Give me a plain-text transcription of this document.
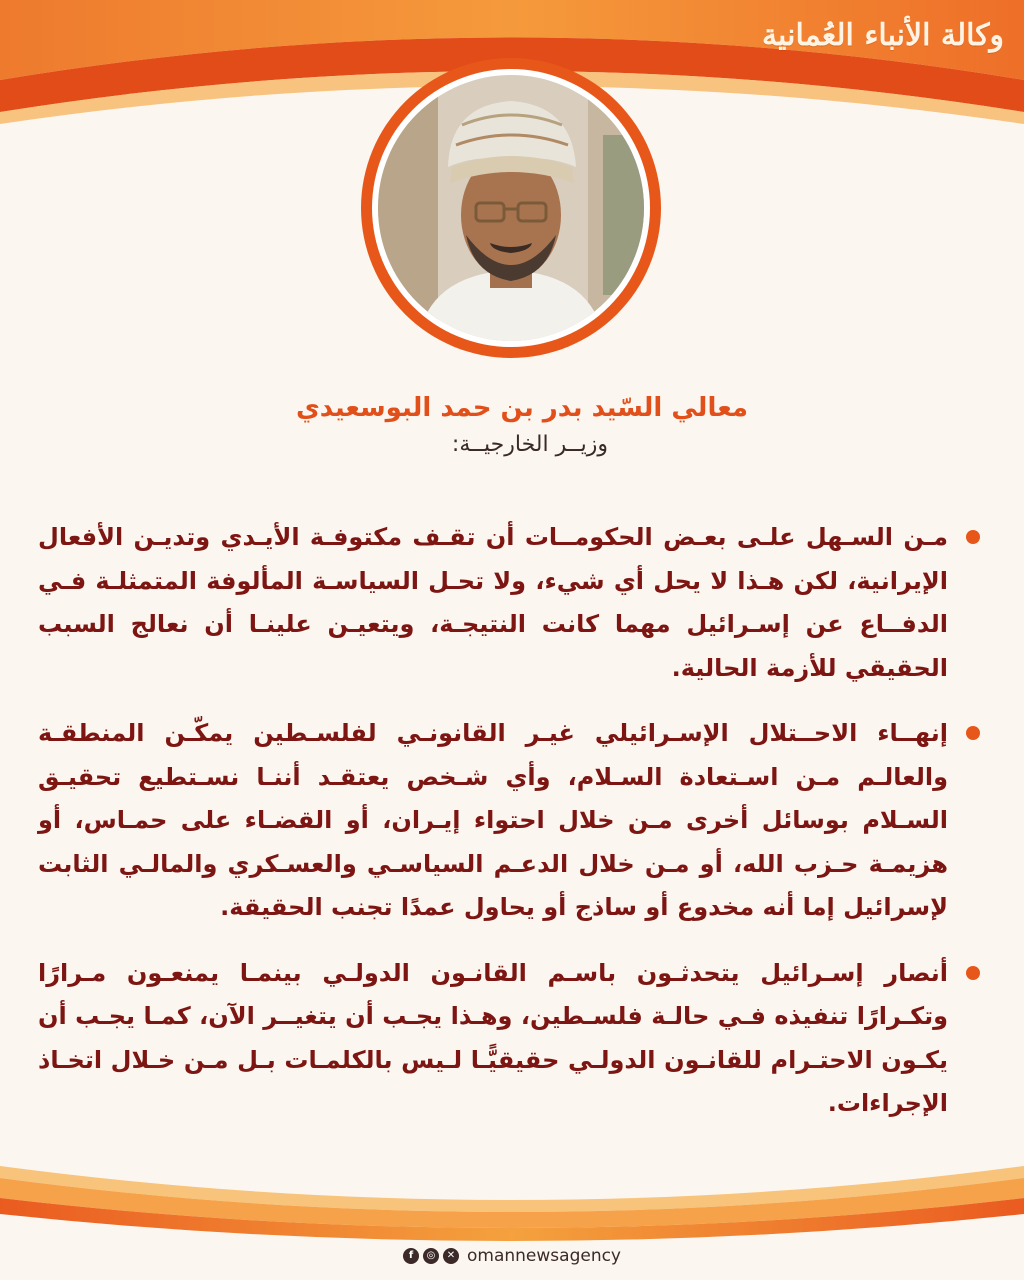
وكالة الأنباء العُمانية
معالي السّيد بدر بن حمد البوسعيدي
وزيــر الخارجيــة:
مـن السـهل علـى بعـض الحكومــات أن تقـف مكتوفـة الأيـدي وتديـن الأفعال الإيرانية، لكن هـذا لا يحل أي شيء، ولا تحـل السياسـة المألوفة المتمثلـة فـي الدفــاع عن إسـرائيل مهما كانت النتيجـة، ويتعيـن علينـا أن نعالج السبب الحقيقي للأزمة الحالية.
إنهــاء الاحــتلال الإسـرائيلي غيـر القانونـي لفلسـطين يمكّـن المنطقـة والعالـم مـن اسـتعادة السـلام، وأي شـخص يعتقـد أننـا نسـتطيع تحقيـق السـلام بوسائل أخرى مـن خلال احتواء إيـران، أو القضـاء على حمـاس، أو هزيمـة حـزب الله، أو مـن خلال الدعـم السياسـي والعسـكري والمالـي الثابت لإسرائيل إما أنه مخدوع أو ساذج أو يحاول عمدًا تجنب الحقيقة.
أنصار إسـرائيل يتحدثـون باسـم القانـون الدولـي بينمـا يمنعـون مـرارًا وتكـرارًا تنفيذه فـي حالـة فلسـطين، وهـذا يجـب أن يتغيــر الآن، كمـا يجـب أن يكـون الاحتـرام للقانـون الدولـي حقيقيًّـا لـيس بالكلمـات بـل مـن خـلال اتخـاذ الإجراءات.
f	◎	✕ omannewsagency
